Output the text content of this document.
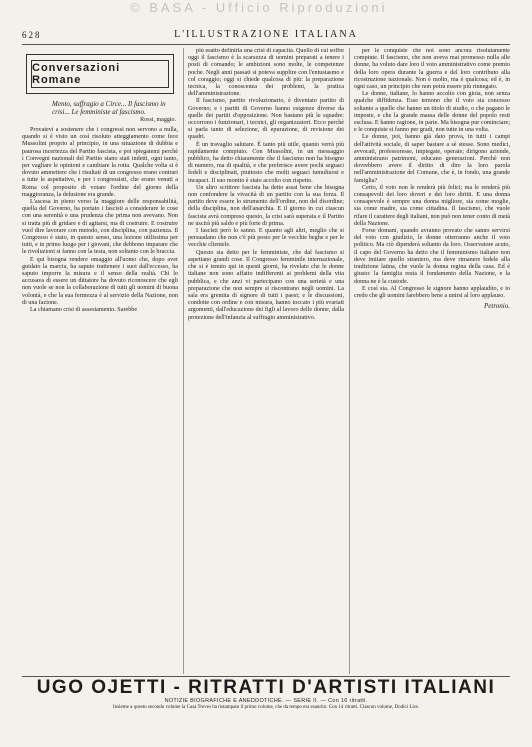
© BASA - Ufficio Riproduzioni
628	L'ILLUSTRAZIONE ITALIANA
Conversazioni Romane
Mento, suffragio a Circe... Il fascismo in crisi... Le femministe al fascismo.
Rossi, maggio.

Provatevi a sostenere che i congressi non servono a nulla, quando si è visto un così risoluto atteggiamento come fece Mussolini proprio al principio, in una situazione di dubbia e paurosa incertezza del Partito fascista, e poi spiegatemi perchè i Convegni nazionali del Partito siano stati indetti, ogni tanto, per vagliare le opinioni e cambiare la rotta. Qualche volta si è dovuto ammettere che i risultati di un congresso erano contrari a tutte le aspettative, e per i congressisti, che erano venuti a Roma col proposito di votare l'ordine del giorno della maggioranza, la delusione era grande.

L'ascesa in pieno verso la maggiore delle responsabilità, quella del Governo, ha portato i fascisti a considerare le cose con una serenità e una prudenza che prima non avevano. Non si tratta più di gridare e di agitarsi, ma di costruire. E costruire vuol dire lavorare con metodo, con disciplina, con pazienza. Il Congresso è stato, in questo senso, una lezione utilissima per tutti, e in primo luogo per i giovani, che debbono imparare che le rivoluzioni si fanno con la testa, non soltanto con le braccia.

E qui bisogna rendere omaggio all'uomo che, dopo aver guidato la marcia, ha saputo trattenere i suoi dall'eccesso, ha saputo imporre la misura e il senso della realtà. Chi lo accusava di essere un dittatore ha dovuto riconoscere che egli non vuole se non la collaborazione di tutti gli uomini di buona volontà, e che la sua fermezza è al servizio della Nazione, non di una fazione.

La chiamano crisi di assestamento. Sarebbe

più esatto definirla una crisi di capacità. Quello di cui soffre oggi il fascismo è la scarsezza di uomini preparati a tenere i posti di comando; le ambizioni sono molte, le competenze poche. Negli anni passati si poteva supplire con l'entusiasmo e col coraggio; oggi si chiede qualcosa di più: la preparazione tecnica, la conoscenza dei problemi, la pratica dell'amministrazione.

Il fascismo, partito rivoluzionario, è diventato partito di Governo; e i partiti di Governo hanno esigenze diverse da quelle dei partiti d'opposizione. Non bastano più le squadre: occorrono i funzionari, i tecnici, gli organizzatori. Ecco perchè si parla tanto di selezione, di epurazione, di revisione dei quadri.

È un travaglio salutare. È tanto più utile, quanto verrà più rapidamente compiuto. Con Mussolini, in un messaggio pubblico, ha detto chiaramente che il fascismo non ha bisogno di numero, ma di qualità, e che preferisce avere pochi seguaci fedeli e disciplinati, piuttosto che molti seguaci tumultuosi e incapaci. Il suo monito è stato accolto con rispetto.

Un altro scrittore fascista ha detto assai bene che bisogna non confondere la vivacità di un partito con la sua forza. Il partito deve essere lo strumento dell'ordine, non del disordine; della disciplina, non dell'anarchia. E il giorno in cui ciascun fascista avrà compreso questo, la crisi sarà superata e il Partito ne uscirà più saldo e più forte di prima.

I fascisti però lo sanno. E quanto agli altri, meglio che si persuadano che non c'è più posto per le vecchie beghe e per le vecchie clientele.

Questo sia detto per le femministe, che dal fascismo si aspettano grandi cose. Il Congresso femminile internazionale, che si è tenuto qui in questi giorni, ha rivelato che le donne italiane non sono affatto indifferenti ai problemi della vita pubblica, e che anzi vi partecipano con una serietà e una preparazione che non sempre si riscontrano negli uomini. La sala era gremita di signore di tutti i paesi; e le discussioni, condotte con ordine e con misura, hanno toccato i più svariati argomenti, dall'educazione dei figli al lavoro delle donne, dalla protezione dell'infanzia al suffragio amministrativo.

per le conquiste che noi sono ancora risolutamente compiute. Il fascismo, che non aveva mai promesso nulla alle donne, ha voluto dare loro il voto amministrativo come premio della loro opera durante la guerra e del loro contributo alla ricostruzione nazionale. Non è molto, ma è qualcosa; ed è, in ogni caso, un principio che non potrà essere più rinnegato.

Le donne, italiane, lo hanno accolto con gioia, non senza qualche diffidenza. Esse temono che il voto sia concesso soltanto a quelle che hanno un titolo di studio, o che pagano le imposte, e che la grande massa delle donne del popolo resti esclusa. E hanno ragione, in parte. Ma bisogna pur cominciare; e le conquiste si fanno per gradi, non tutte in una volta.

Le donne, poi, hanno già dato prova, in tutti i campi dell'attività sociale, di saper bastare a sè stesse. Sono medici, avvocati, professoresse, impiegate, operaie; dirigono aziende, amministrano patrimoni, educano generazioni. Perchè non dovrebbero avere il diritto di dire la loro parola nell'amministrazione del Comune, che è, in fondo, una grande famiglia?

Certo, il voto non le renderà più felici; ma le renderà più consapevoli dei loro doveri e dei loro diritti. E una donna consapevole è sempre una donna migliore, sia come moglie, sia come madre, sia come cittadina. Il fascismo, che vuole rifare il carattere degli italiani, non può non tener conto di metà della Nazione.

Forse domani, quando avranno provato che sanno servirsi del voto con giudizio, le donne otterranno anche il voto politico. Ma ciò dipenderà soltanto da loro. Osservatore acuto, il capo del Governo ha detto che il femminismo italiano non deve imitare quello straniero, ma deve rimanere fedele alla tradizione latina, che vuole la donna regina della casa. Ed è giusto: la famiglia resta il fondamento della Nazione, e la donna ne è la custode.

E così sia. Al Congresso le signore hanno applaudito, e io credo che gli uomini farebbero bene a unirsi al loro applauso.

Petronio.
UGO OJETTI - RITRATTI D'ARTISTI ITALIANI
NOTIZIE BIOGRAFICHE E ANEDDOTICHE. — SERIE II. — Con 16 ritratti.
Insieme a questo secondo volume la Casa Treves ha ristampato il primo volume, che da tempo era esaurito. Con 14 ritratti. Ciascun volume, Dodici Lire.
